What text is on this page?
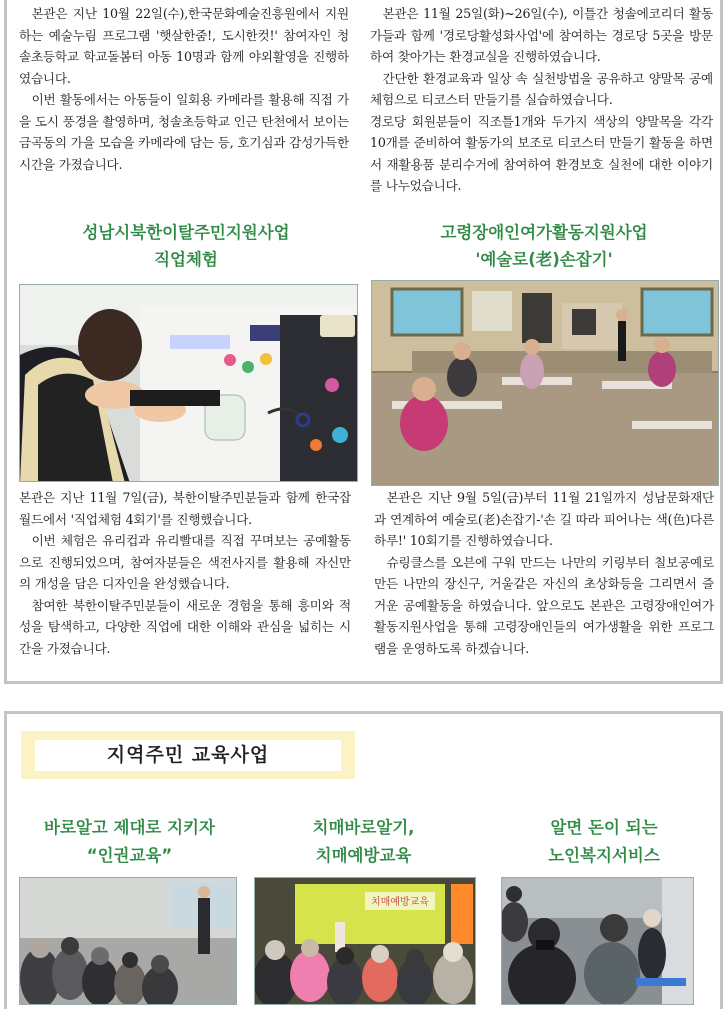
본관은 지난 10월 22일(수),한국문화예술진흥원에서 지원하는 예술누림 프로그램 '햇살한줌!, 도시한컷!' 참여자인 청솔초등학교 학교돌봄터 아동 10명과 함께 야외활영을 진행하였습니다.

이번 활동에서는 아동들이 일회용 카메라를 활용해 직접 가을 도시 풍경을 촬영하며, 청솔초등학교 인근 탄천에서 보이는 금곡동의 가을 모습을 카메라에 담는 등, 호기심과 감성가득한 시간을 가졌습니다.

본관은 11월 25일(화)~26일(수), 이틀간 청솔에코리더 활동가들과 함께 '경로당활성화사업'에 참여하는 경로당 5곳을 방문하여 찾아가는 환경교실을 진행하였습니다.

간단한 환경교육과 일상 속 실천방법을 공유하고 양말목 공예체험으로 티코스터 만들기를 실습하였습니다.

경로당 회원분들이 직조틀1개와 두가지 색상의 양말목을 각각 10개를 준비하여 활동가의 보조로 티코스터 만들기 활동을 하면서 재활용품 분리수거에 참여하여 환경보호 실천에 대한 이야기를 나누었습니다.

성남시북한이탈주민지원사업
직업체험

본관은 지난 11월 7일(금), 북한이탈주민분들과 함께 한국잡월드에서 '직업체험 4회기'를 진행했습니다.

이번 체험은 유리컵과 유리빨대를 직접 꾸며보는 공예활동으로 진행되었으며, 참여자분들은 색전사지를 활용해 자신만의 개성을 담은 디자인을 완성했습니다.

참여한 북한이탈주민분들이 새로운 경험을 통해 흥미와 적성을 탐색하고, 다양한 직업에 대한 이해와 관심을 넓히는 시간을 가졌습니다.

고령장애인여가활동지원사업
'예술로(老)손잡기'

본관은 지난 9월 5일(금)부터 11월 21일까지 성남문화재단과 연계하여 예술로(老)손잡기-'손 길 따라 피어나는 색(色)다른 하루!' 10회기를 진행하였습니다.

슈링클스를 오븐에 구워 만드는 나만의 키링부터 칠보공예로 만든 나만의 장신구, 거울같은 자신의 초상화등을 그리면서 즐거운 공예활동을 하였습니다. 앞으로도 본관은 고령장애인여가활동지원사업을 통해 고령장애인들의 여가생활을 위한 프로그램을 운영하도록 하겠습니다.

지역주민 교육사업
바로알고 제대로 지키자
“인권교육”
치매바로알기,
치매예방교육
알면 돈이 되는
노인복지서비스
치매예방교육
